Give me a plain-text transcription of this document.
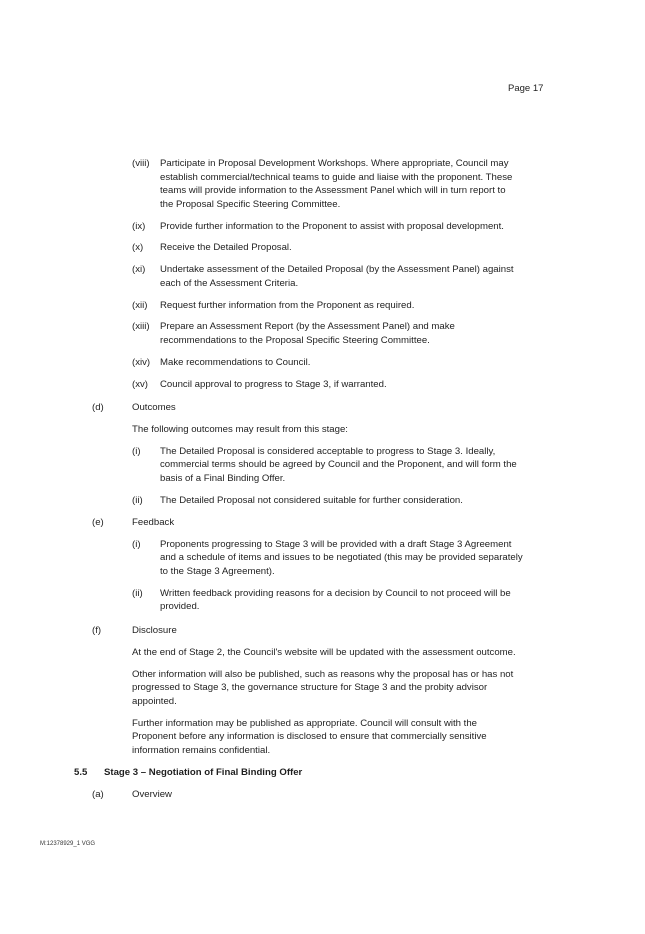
Page 17
(viii) Participate in Proposal Development Workshops. Where appropriate, Council may
establish commercial/technical teams to guide and liaise with the proponent. These
teams will provide information to the Assessment Panel which will in turn report to
the Proposal Specific Steering Committee.
(ix) Provide further information to the Proponent to assist with proposal development.
(x) Receive the Detailed Proposal.
(xi) Undertake assessment of the Detailed Proposal (by the Assessment Panel) against
each of the Assessment Criteria.
(xii) Request further information from the Proponent as required.
(xiii) Prepare an Assessment Report (by the Assessment Panel) and make
recommendations to the Proposal Specific Steering Committee.
(xiv) Make recommendations to Council.
(xv) Council approval to progress to Stage 3, if warranted.
(d)	Outcomes
The following outcomes may result from this stage:
(i) The Detailed Proposal is considered acceptable to progress to Stage 3. Ideally,
commercial terms should be agreed by Council and the Proponent, and will form the
basis of a Final Binding Offer.
(ii) The Detailed Proposal not considered suitable for further consideration.
(e)	Feedback
(i) Proponents progressing to Stage 3 will be provided with a draft Stage 3 Agreement
and a schedule of items and issues to be negotiated (this may be provided separately
to the Stage 3 Agreement).
(ii) Written feedback providing reasons for a decision by Council to not proceed will be
provided.
(f)	Disclosure
At the end of Stage 2, the Council's website will be updated with the assessment outcome.
Other information will also be published, such as reasons why the proposal has or has not
progressed to Stage 3, the governance structure for Stage 3 and the probity advisor
appointed.
Further information may be published as appropriate. Council will consult with the
Proponent before any information is disclosed to ensure that commercially sensitive
information remains confidential.
5.5 Stage 3 – Negotiation of Final Binding Offer
(a)	Overview
M:12378929_1 VGG
